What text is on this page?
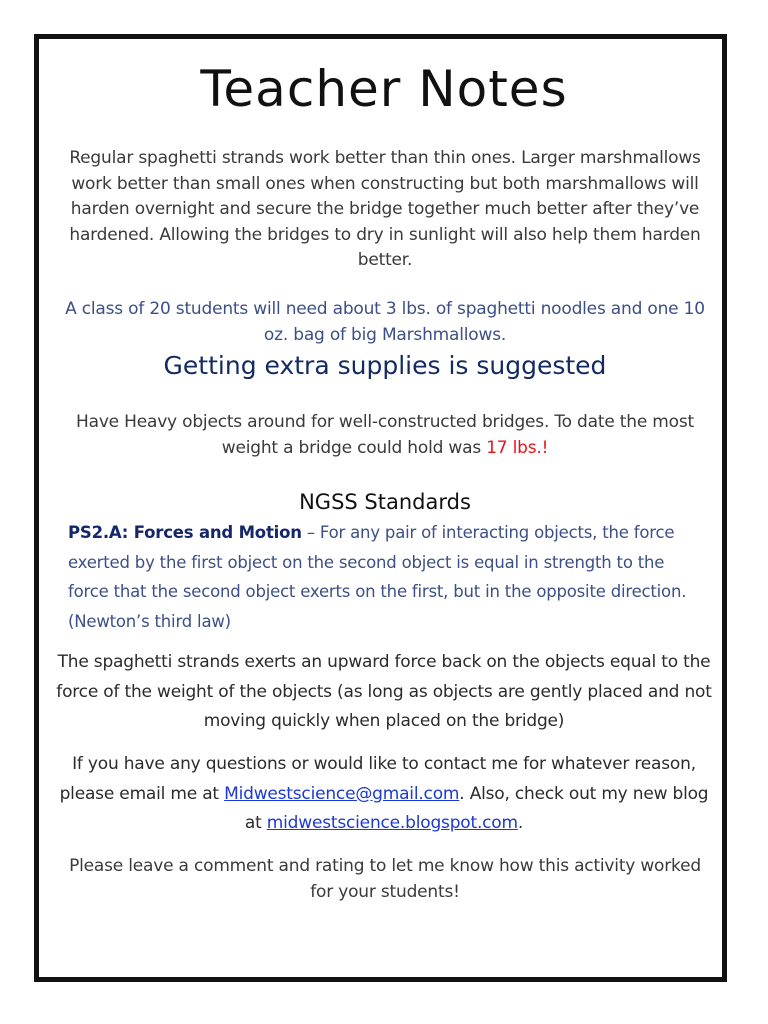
Teacher Notes

Regular spaghetti strands work better than thin ones. Larger marshmallows work better than small ones when constructing but both marshmallows will harden overnight and secure the bridge together much better after they’ve hardened. Allowing the bridges to dry in sunlight will also help them harden better.

A class of 20 students will need about 3 lbs. of spaghetti noodles and one 10 oz. bag of big Marshmallows.

Getting extra supplies is suggested

Have Heavy objects around for well-constructed bridges. To date the most weight a bridge could hold was 17 lbs.!

NGSS Standards

PS2.A: Forces and Motion – For any pair of interacting objects, the force exerted by the first object on the second object is equal in strength to the force that the second object exerts on the first, but in the opposite direction. (Newton’s third law)

The spaghetti strands exerts an upward force back on the objects equal to the force of the weight of the objects (as long as objects are gently placed and not moving quickly when placed on the bridge)

If you have any questions or would like to contact me for whatever reason, please email me at Midwestscience@gmail.com. Also, check out my new blog at midwestscience.blogspot.com.

Please leave a comment and rating to let me know how this activity worked for your students!
